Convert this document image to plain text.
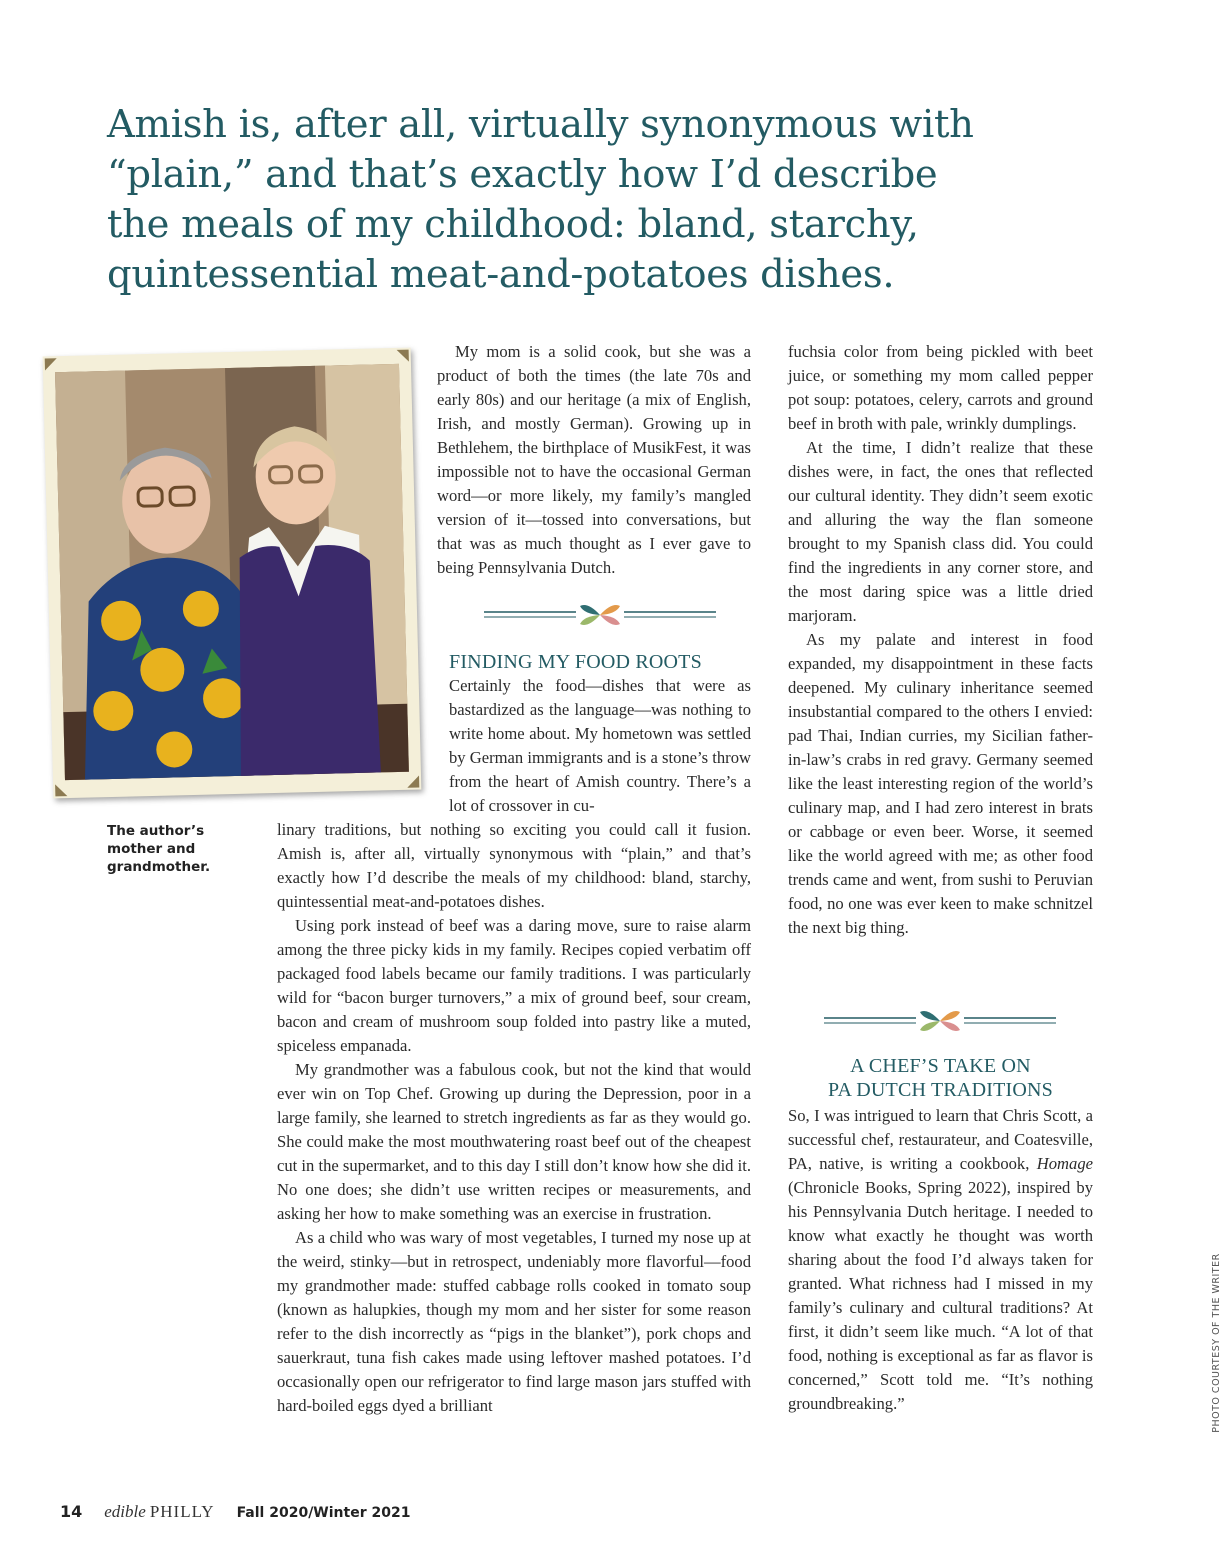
Amish is, after all, virtually synonymous with
“plain,” and that’s exactly how I’d describe
the meals of my childhood: bland, starchy,
quintessential meat-and-potatoes dishes.
The author’s mother and grandmother.

My mom is a solid cook, but she was a product of both the times (the late 70s and early 80s) and our heritage (a mix of English, Irish, and mostly German). Growing up in Bethlehem, the birthplace of MusikFest, it was impossible not to have the occasional German word—or more likely, my family’s mangled version of it—tossed into conversations, but that was as much thought as I ever gave to being Pennsylvania Dutch.

FINDING MY FOOD ROOTS

Certainly the food—dishes that were as bastardized as the language—was nothing to write home about. My hometown was settled by German immigrants and is a stone’s throw from the heart of Amish country. There’s a lot of crossover in cu-

linary traditions, but nothing so exciting you could call it fusion. Amish is, after all, virtually synonymous with “plain,” and that’s exactly how I’d describe the meals of my childhood: bland, starchy, quintessential meat-and-potatoes dishes.

Using pork instead of beef was a daring move, sure to raise alarm among the three picky kids in my family. Recipes copied verbatim off packaged food labels became our family traditions. I was particularly wild for “bacon burger turnovers,” a mix of ground beef, sour cream, bacon and cream of mushroom soup folded into pastry like a muted, spiceless empanada.

My grandmother was a fabulous cook, but not the kind that would ever win on Top Chef. Growing up during the Depression, poor in a large family, she learned to stretch ingredients as far as they would go. She could make the most mouthwatering roast beef out of the cheapest cut in the supermarket, and to this day I still don’t know how she did it. No one does; she didn’t use written recipes or measurements, and asking her how to make something was an exercise in frustration.

As a child who was wary of most vegetables, I turned my nose up at the weird, stinky—but in retrospect, undeniably more flavorful—food my grandmother made: stuffed cabbage rolls cooked in tomato soup (known as halupkies, though my mom and her sister for some reason refer to the dish incorrectly as “pigs in the blanket”), pork chops and sauerkraut, tuna fish cakes made using leftover mashed potatoes. I’d occasionally open our refrigerator to find large mason jars stuffed with hard-boiled eggs dyed a brilliant

fuchsia color from being pickled with beet juice, or something my mom called pepper pot soup: potatoes, celery, carrots and ground beef in broth with pale, wrinkly dumplings.

At the time, I didn’t realize that these dishes were, in fact, the ones that reflected our cultural identity. They didn’t seem exotic and alluring the way the flan someone brought to my Spanish class did. You could find the ingredients in any corner store, and the most daring spice was a little dried marjoram.

As my palate and interest in food expanded, my disappointment in these facts deepened. My culinary inheritance seemed insubstantial compared to the others I envied: pad Thai, Indian curries, my Sicilian father-in-law’s crabs in red gravy. Germany seemed like the least interesting region of the world’s culinary map, and I had zero interest in brats or cabbage or even beer. Worse, it seemed like the world agreed with me; as other food trends came and went, from sushi to Peruvian food, no one was ever keen to make schnitzel the next big thing.

A CHEF’S TAKE ON
PA DUTCH TRADITIONS

So, I was intrigued to learn that Chris Scott, a successful chef, restaurateur, and Coatesville, PA, native, is writing a cookbook, Homage (Chronicle Books, Spring 2022), inspired by his Pennsylvania Dutch heritage. I needed to know what exactly he thought was worth sharing about the food I’d always taken for granted. What richness had I missed in my family’s culinary and cultural traditions? At first, it didn’t seem like much. “A lot of that food, nothing is exceptional as far as flavor is concerned,” Scott told me. “It’s nothing groundbreaking.”	PHOTO COURTESY OF THE WRITER
14 edible PHILLY Fall 2020/Winter 2021
